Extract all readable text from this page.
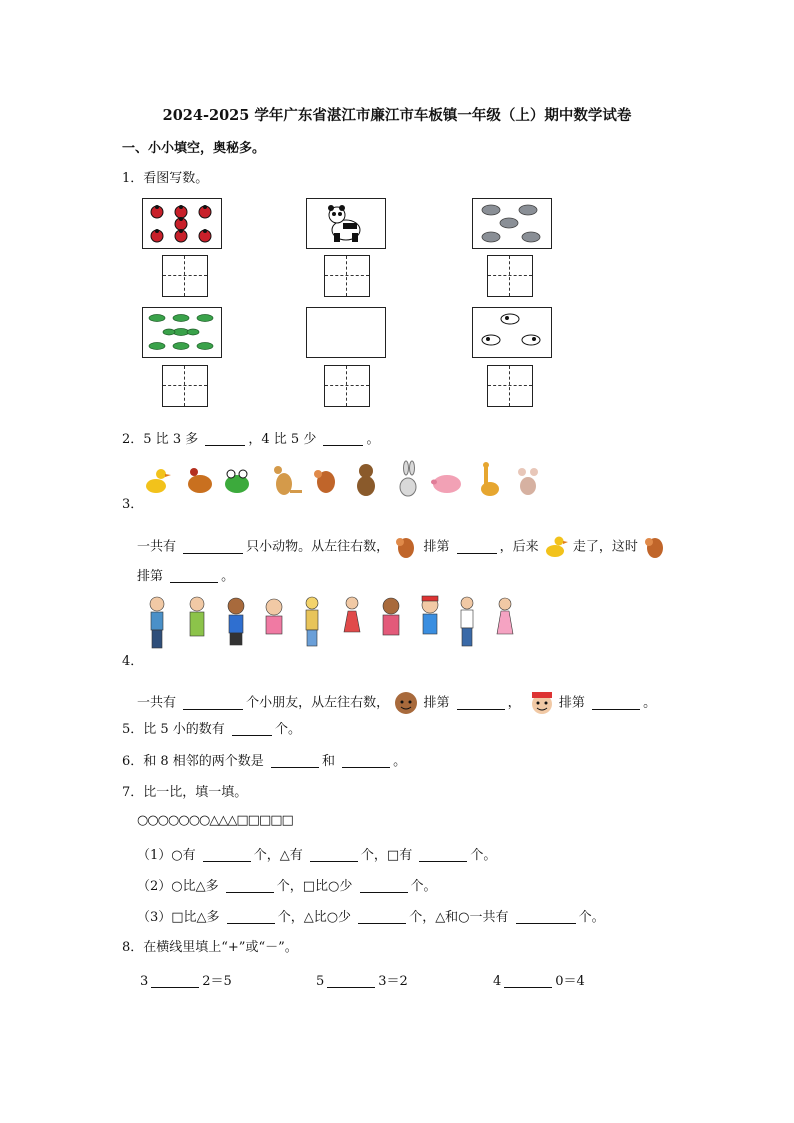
2024-2025 学年广东省湛江市廉江市车板镇一年级（上）期中数学试卷
一、小小填空，奥秘多。
1．看图写数。
2．5 比 3 多	，4 比 5 少	。
3．
一共有	只小动物。从左往右数，	排第	，后来	走了，这时
排第	。
4．
一共有	个小朋友，从左往右数，	排第	，	排第	。
5．比 5 小的数有	个。
6．和 8 相邻的两个数是	和	。
7．比一比，填一填。
○○○○○○○△△△□□□□□
（1）○有	个，△有	个，□有	个。
（2）○比△多	个，□比○少	个。
（3）□比△多	个，△比○少	个，△和○一共有	个。
8．在横线里填上“+”或“－”。
3	2＝5	5	3＝2	4	0＝4
